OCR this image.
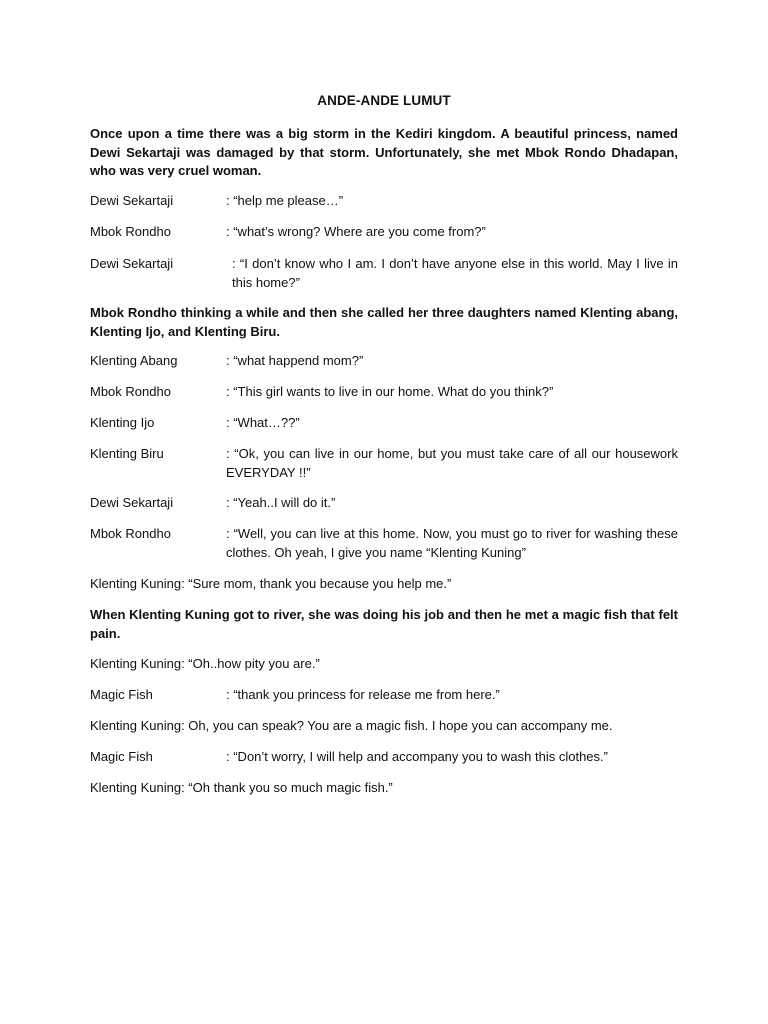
ANDE-ANDE LUMUT
Once upon a time there was a big storm in the Kediri kingdom. A beautiful princess, named Dewi Sekartaji was damaged by that storm. Unfortunately, she met Mbok Rondo Dhadapan, who was very cruel woman.
Dewi Sekartaji	: “help me please…”
Mbok Rondho	: “what’s wrong? Where are you come from?”
Dewi Sekartaji	: “I don’t know who I am. I don’t have anyone else in this world. May I live in this home?”
Mbok Rondho thinking a while and then she called her three daughters named Klenting abang, Klenting Ijo, and Klenting Biru.
Klenting Abang	: “what happend mom?”
Mbok Rondho	: “This girl wants to live in our home. What do you think?”
Klenting Ijo	: “What…??”
Klenting Biru	: “Ok, you can live in our home, but you must take care of all our housework EVERYDAY !!”
Dewi Sekartaji	: “Yeah..I will do it.”
Mbok Rondho	: “Well, you can live at this home. Now, you must go to river for washing these clothes. Oh yeah, I give you name “Klenting Kuning”
Klenting Kuning: “Sure mom, thank you because you help me.”
When Klenting Kuning got to river, she was doing his job and then he met a magic fish that felt pain.
Klenting Kuning: “Oh..how pity you are.”
Magic Fish	: “thank you princess for release me from here.”
Klenting Kuning: Oh, you can speak? You are a magic fish. I hope you can accompany me.
Magic Fish	: “Don’t worry, I will help and accompany you to wash this clothes.”
Klenting Kuning: “Oh thank you so much magic fish.”
